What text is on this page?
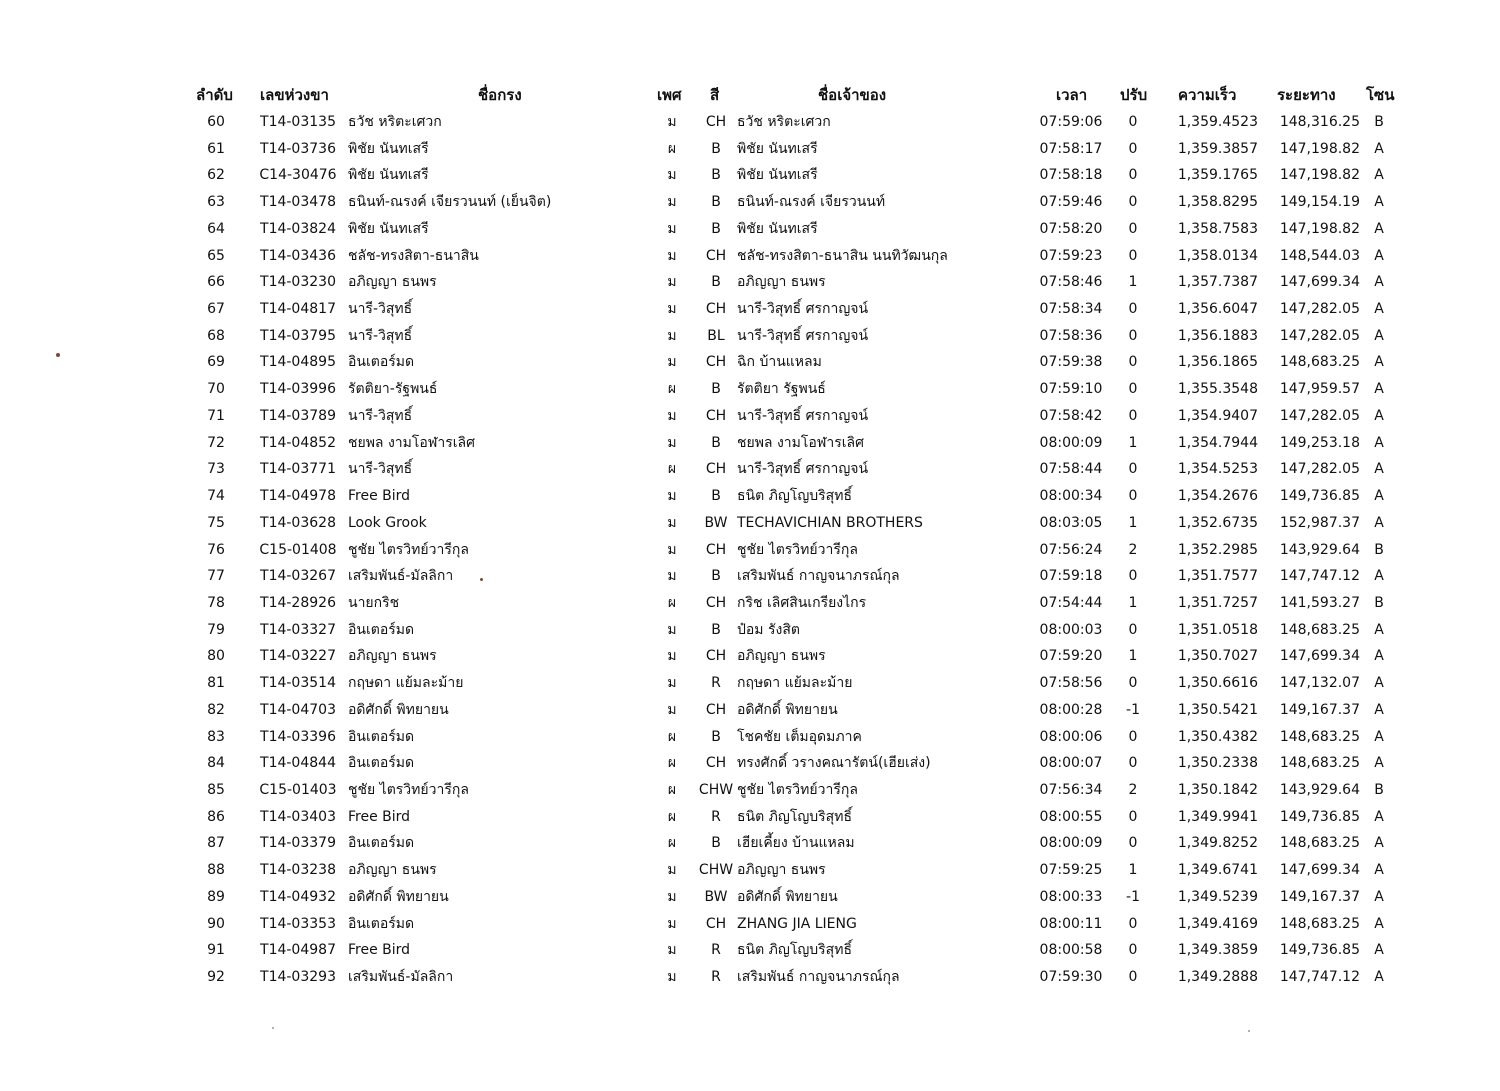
ลำดับ เลขห่วงขา	ชื่อกรง	เพศ สี	ชื่อเจ้าของ	เวลา ปรับ ความเร็ว	ระยะทาง โซน
60	T14-03135 ธวัช หริตะเศวก	ม	CH ธวัช หริตะเศวก	07:59:06	0	1,359.4523	148,316.25 B
61	T14-03736 พิชัย นันทเสรี	ผ	B	พิชัย นันทเสรี	07:58:17	0	1,359.3857	147,198.82	A
62	C14-30476 พิชัย นันทเสรี	ม	B	พิชัย นันทเสรี	07:58:18	0	1,359.1765	147,198.82	A
63	T14-03478 ธนินท์-ณรงค์ เจียรวนนท์ (เย็นจิต)	ม	B	ธนินท์-ณรงค์ เจียรวนนท์	07:59:46	0	1,358.8295	149,154.19	A
64	T14-03824 พิชัย นันทเสรี	ม	B	พิชัย นันทเสรี	07:58:20	0	1,358.7583	147,198.82	A
65	T14-03436 ชลัช-ทรงสิตา-ธนาสิน	ม	CH ชลัช-ทรงสิตา-ธนาสิน นนทิวัฒนกุล	07:59:23	0	1,358.0134	148,544.03	A
66	T14-03230 อภิญญา ธนพร	ม	B	อภิญญา ธนพร	07:58:46	1	1,357.7387	147,699.34	A
67	T14-04817 นารี-วิสุทธิ์	ม	CH นารี-วิสุทธิ์ ศรกาญจน์	07:58:34	0	1,356.6047	147,282.05	A
68	T14-03795 นารี-วิสุทธิ์	ม	BL นารี-วิสุทธิ์ ศรกาญจน์	07:58:36	0	1,356.1883	147,282.05	A
69	T14-04895 อินเตอร์มด	ม	CH ฉิก บ้านแหลม	07:59:38	0	1,356.1865	148,683.25	A
70	T14-03996 รัตติยา-รัฐพนธ์	ผ	B	รัตติยา รัฐพนธ์	07:59:10	0	1,355.3548	147,959.57	A
71	T14-03789 นารี-วิสุทธิ์	ม	CH นารี-วิสุทธิ์ ศรกาญจน์	07:58:42	0	1,354.9407	147,282.05	A
72	T14-04852 ชยพล งามโอฬารเลิศ	ม	B	ชยพล งามโอฬารเลิศ	08:00:09	1	1,354.7944	149,253.18	A
73	T14-03771 นารี-วิสุทธิ์	ผ	CH นารี-วิสุทธิ์ ศรกาญจน์	07:58:44	0	1,354.5253	147,282.05	A
74	T14-04978 Free Bird	ม	B	ธนิต ภิญโญบริสุทธิ์	08:00:34	0	1,354.2676	149,736.85	A
75	T14-03628 Look Grook	ม	BW TECHAVICHIAN BROTHERS	08:03:05	1	1,352.6735	152,987.37	A
76	C15-01408 ชูชัย ไตรวิทย์วารีกุล	ม	CH ชูชัย ไตรวิทย์วารีกุล	07:56:24	2	1,352.2985	143,929.64 B
77	T14-03267 เสริมพันธ์-มัลลิกา	ม	B	เสริมพันธ์ กาญจนาภรณ์กุล	07:59:18	0	1,351.7577	147,747.12	A
78	T14-28926 นายกริช	ผ	CH กริช เลิศสินเกรียงไกร	07:54:44	1	1,351.7257	141,593.27 B
79	T14-03327 อินเตอร์มด	ม	B	ป๋อม รังสิต	08:00:03	0	1,351.0518	148,683.25	A
80	T14-03227 อภิญญา ธนพร	ม	CH อภิญญา ธนพร	07:59:20	1	1,350.7027	147,699.34	A
81	T14-03514 กฤษดา แย้มละม้าย	ม	R	กฤษดา แย้มละม้าย	07:58:56	0	1,350.6616	147,132.07	A
82	T14-04703 อดิศักดิ์ พิทยายน	ม	CH อดิศักดิ์ พิทยายน	08:00:28	-1	1,350.5421	149,167.37	A
83	T14-03396 อินเตอร์มด	ผ	B	โชคชัย เต็มอุดมภาค	08:00:06	0	1,350.4382	148,683.25	A
84	T14-04844 อินเตอร์มด	ผ	CH ทรงศักดิ์ วรางคณารัตน์(เฮียเส่ง)	08:00:07	0	1,350.2338	148,683.25	A
85	C15-01403 ชูชัย ไตรวิทย์วารีกุล	ผ	CHW ชูชัย ไตรวิทย์วารีกุล	07:56:34	2	1,350.1842	143,929.64 B
86	T14-03403 Free Bird	ผ	R	ธนิต ภิญโญบริสุทธิ์	08:00:55	0	1,349.9941	149,736.85	A
87	T14-03379 อินเตอร์มด	ผ	B	เฮียเคี้ยง บ้านแหลม	08:00:09	0	1,349.8252	148,683.25	A
88	T14-03238 อภิญญา ธนพร	ม	CHW อภิญญา ธนพร	07:59:25	1	1,349.6741	147,699.34	A
89	T14-04932 อดิศักดิ์ พิทยายน	ม	BW อดิศักดิ์ พิทยายน	08:00:33	-1	1,349.5239	149,167.37	A
90	T14-03353 อินเตอร์มด	ม	CH ZHANG JIA LIENG	08:00:11	0	1,349.4169	148,683.25	A
91	T14-04987 Free Bird	ม	R	ธนิต ภิญโญบริสุทธิ์	08:00:58	0	1,349.3859	149,736.85	A
92	T14-03293 เสริมพันธ์-มัลลิกา	ม	R	เสริมพันธ์ กาญจนาภรณ์กุล	07:59:30	0	1,349.2888	147,747.12	A
